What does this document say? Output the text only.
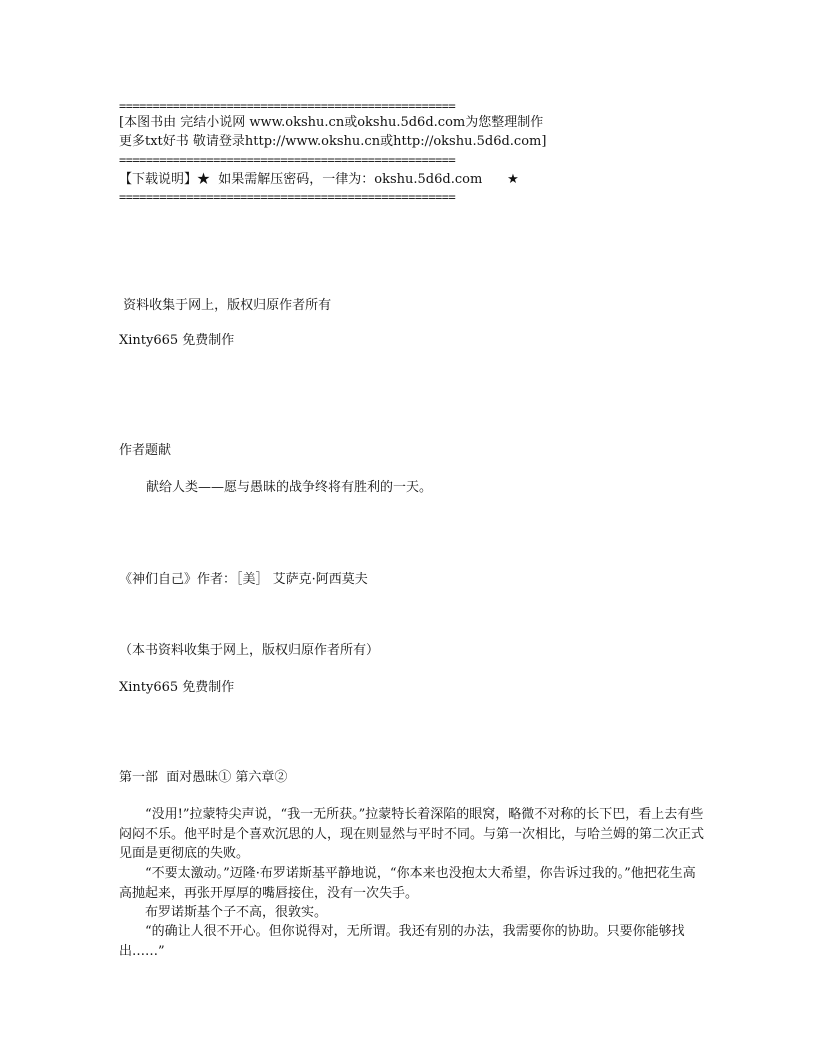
==================================================
[本图书由 完结小说网 www.okshu.cn或okshu.5d6d.com为您整理制作
更多txt好书 敬请登录http://www.okshu.cn或http://okshu.5d6d.com]
==================================================
【下载说明】★  如果需解压密码，一律为：okshu.5d6d.com      ★
==================================================
资料收集于网上，版权归原作者所有
Xinty665 免费制作
作者题献
献给人类——愿与愚昧的战争终将有胜利的一天。
《神们自己》作者：［美］ 艾萨克·阿西莫夫
（本书资料收集于网上，版权归原作者所有）
Xinty665 免费制作
第一部  面对愚昧① 第六章②
“没用!”拉蒙特尖声说，“我一无所获。”拉蒙特长着深陷的眼窝，略微不对称的长下巴，看上去有些闷闷不乐。他平时是个喜欢沉思的人，现在则显然与平时不同。与第一次相比，与哈兰姆的第二次正式见面是更彻底的失败。
“不要太激动。”迈隆·布罗诺斯基平静地说，“你本来也没抱太大希望，你告诉过我的。”他把花生高高抛起来，再张开厚厚的嘴唇接住，没有一次失手。
布罗诺斯基个子不高，很敦实。
“的确让人很不开心。但你说得对，无所谓。我还有别的办法，我需要你的协助。只要你能够找出……”
